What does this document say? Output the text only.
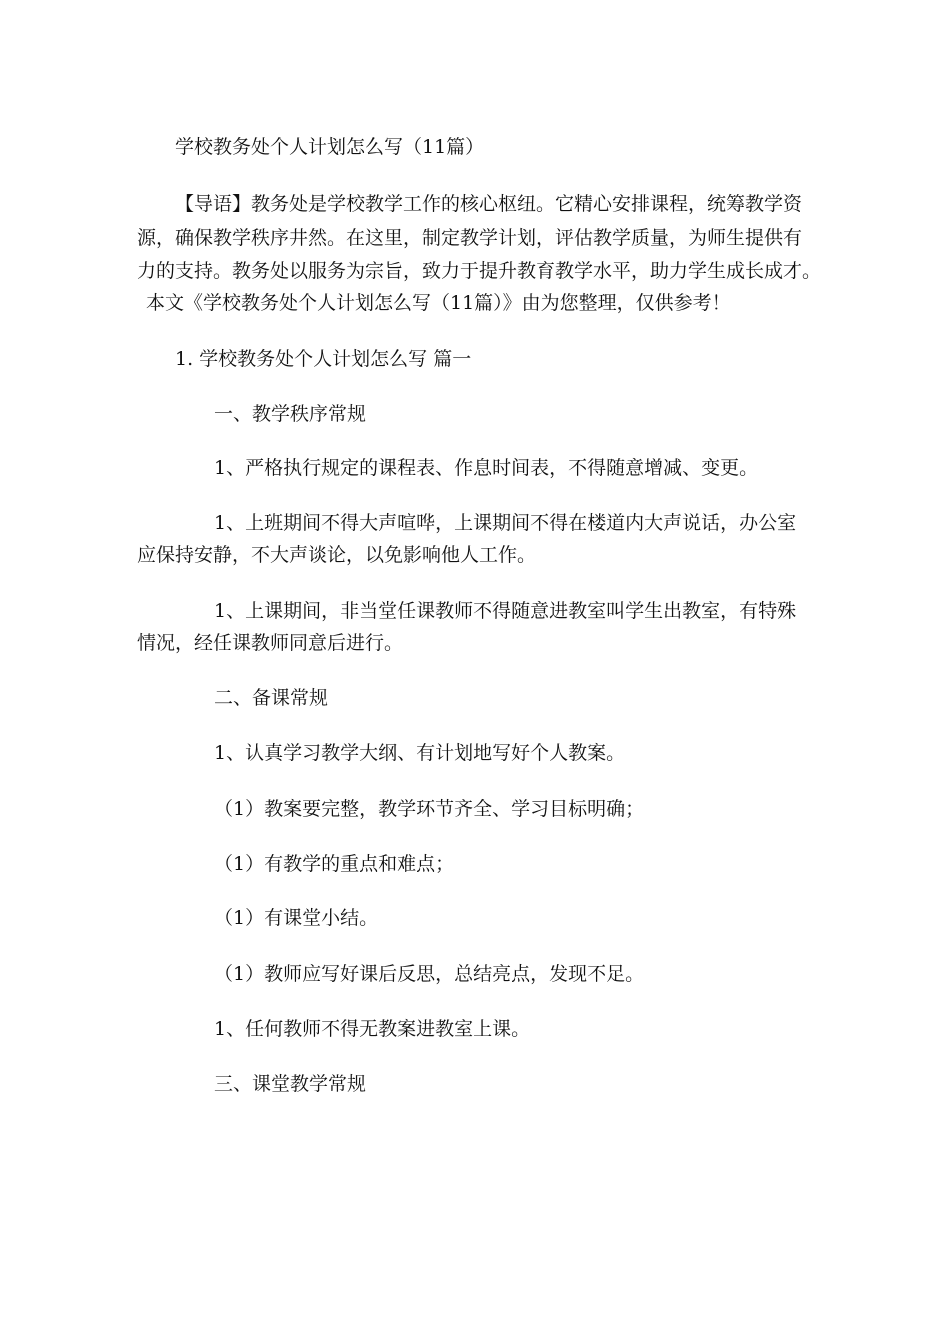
学校教务处个人计划怎么写（11篇）
【导语】教务处是学校教学工作的核心枢纽。它精心安排课程，统筹教学资
源，确保教学秩序井然。在这里，制定教学计划，评估教学质量，为师生提供有
力的支持。教务处以服务为宗旨，致力于提升教育教学水平，助力学生成长成才。
本文《学校教务处个人计划怎么写（11篇）》由为您整理，仅供参考！
1. 学校教务处个人计划怎么写 篇一
一、教学秩序常规
1、严格执行规定的课程表、作息时间表，不得随意增减、变更。
1、上班期间不得大声喧哗，上课期间不得在楼道内大声说话，办公室
应保持安静，不大声谈论，以免影响他人工作。
1、上课期间，非当堂任课教师不得随意进教室叫学生出教室，有特殊
情况，经任课教师同意后进行。
二、备课常规
1、认真学习教学大纲、有计划地写好个人教案。
（1）教案要完整，教学环节齐全、学习目标明确；
（1）有教学的重点和难点；
（1）有课堂小结。
（1）教师应写好课后反思，总结亮点，发现不足。
1、任何教师不得无教案进教室上课。
三、课堂教学常规
